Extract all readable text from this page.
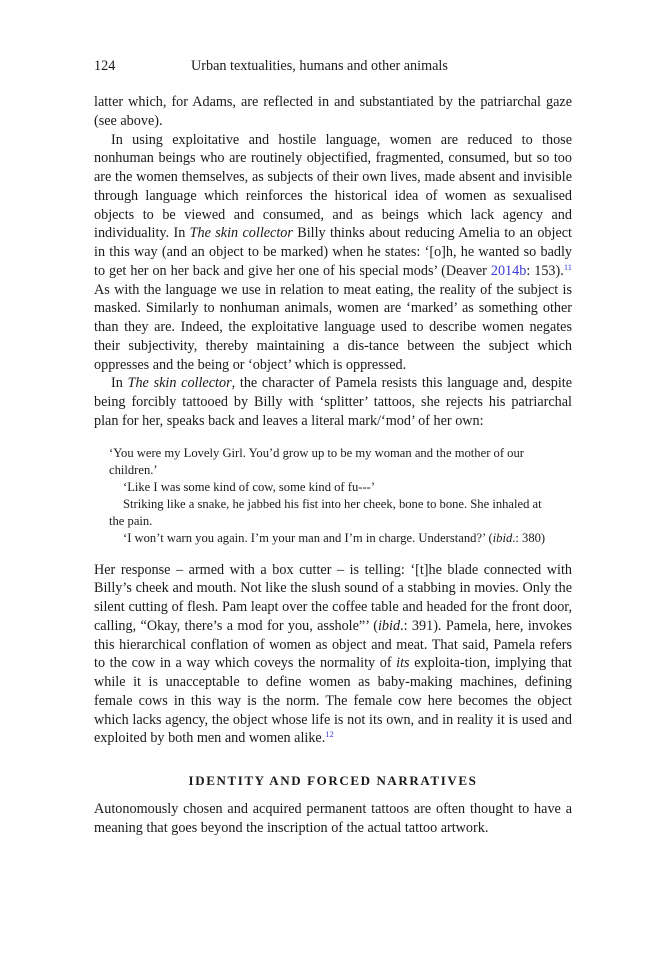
124	Urban textualities, humans and other animals

latter which, for Adams, are reflected in and substantiated by the patriarchal gaze (see above).

In using exploitative and hostile language, women are reduced to those nonhuman beings who are routinely objectified, fragmented, consumed, but so too are the women themselves, as subjects of their own lives, made absent and invisible through language which reinforces the historical idea of women as sexualised objects to be viewed and consumed, and as beings which lack agency and individuality. In The skin collector Billy thinks about reducing Amelia to an object in this way (and an object to be marked) when he states: ‘[o]h, he wanted so badly to get her on her back and give her one of his special mods’ (Deaver 2014b: 153).$^{11}$ As with the language we use in relation to meat eating, the reality of the subject is masked. Similarly to nonhuman animals, women are ‘marked’ as something other than they are. Indeed, the exploitative language used to describe women negates their subjectivity, thereby maintaining a dis-tance between the subject which oppresses and the being or ‘object’ which is oppressed.

In The skin collector, the character of Pamela resists this language and, despite being forcibly tattooed by Billy with ‘splitter’ tattoos, she rejects his patriarchal plan for her, speaks back and leaves a literal mark/‘mod’ of her own:

‘You were my Lovely Girl. You’d grow up to be my woman and the mother of our children.’

‘Like I was some kind of cow, some kind of fu---’

Striking like a snake, he jabbed his fist into her cheek, bone to bone. She inhaled at the pain.

‘I won’t warn you again. I’m your man and I’m in charge. Understand?’ (ibid.: 380)

Her response – armed with a box cutter – is telling: ‘[t]he blade connected with Billy’s cheek and mouth. Not like the slush sound of a stabbing in movies. Only the silent cutting of flesh. Pam leapt over the coffee table and headed for the front door, calling, “Okay, there’s a mod for you, asshole”’ (ibid.: 391). Pamela, here, invokes this hierarchical conflation of women as object and meat. That said, Pamela refers to the cow in a way which coveys the normality of its exploita-tion, implying that while it is unacceptable to define women as baby-making machines, defining female cows in this way is the norm. The female cow here becomes the object which lacks agency, the object whose life is not its own, and in reality it is used and exploited by both men and women alike.$^{12}$

IDENTITY AND FORCED NARRATIVES

Autonomously chosen and acquired permanent tattoos are often thought to have a meaning that goes beyond the inscription of the actual tattoo artwork.
